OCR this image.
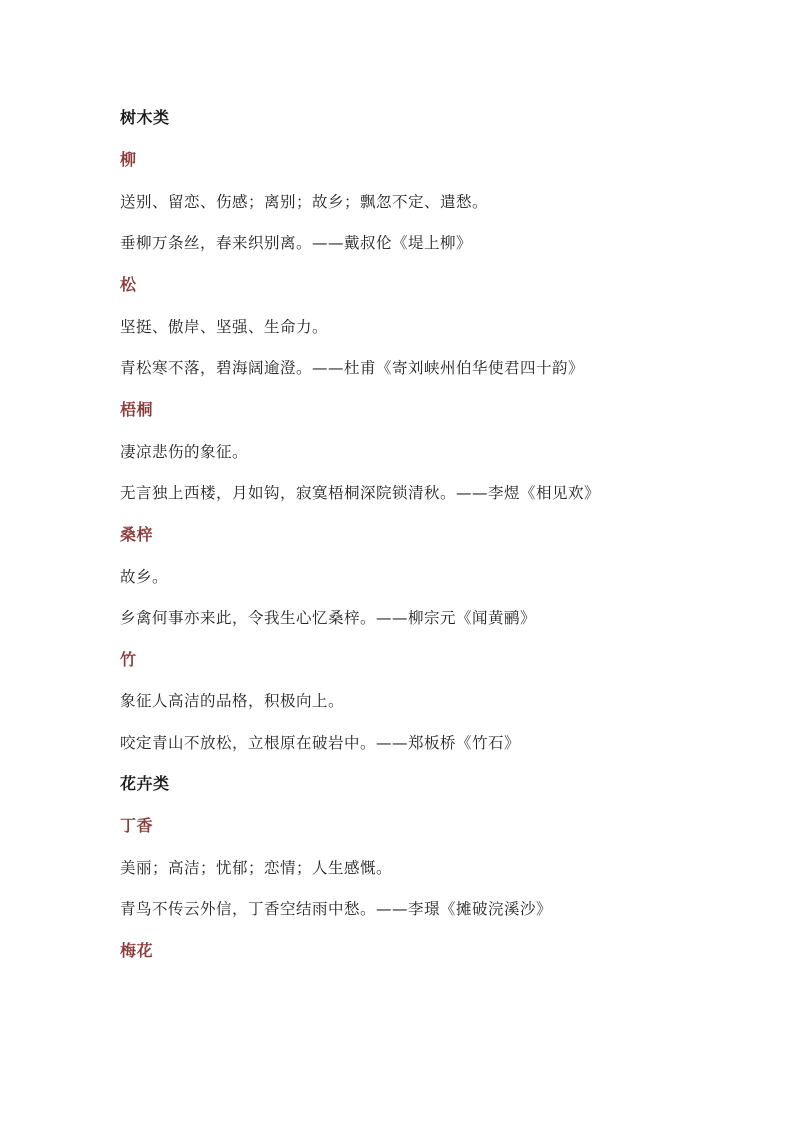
树木类
柳
送别、留恋、伤感；离别；故乡；飘忽不定、遣愁。
垂柳万条丝，春来织别离。——戴叔伦《堤上柳》
松
坚挺、傲岸、坚强、生命力。
青松寒不落，碧海阔逾澄。——杜甫《寄刘峡州伯华使君四十韵》
梧桐
凄凉悲伤的象征。
无言独上西楼，月如钩，寂寞梧桐深院锁清秋。——李煜《相见欢》
桑梓
故乡。
乡禽何事亦来此，令我生心忆桑梓。——柳宗元《闻黄鹂》
竹
象征人高洁的品格，积极向上。
咬定青山不放松，立根原在破岩中。——郑板桥《竹石》
花卉类
丁香
美丽；高洁；忧郁；恋情；人生感慨。
青鸟不传云外信，丁香空结雨中愁。——李璟《摊破浣溪沙》
梅花
